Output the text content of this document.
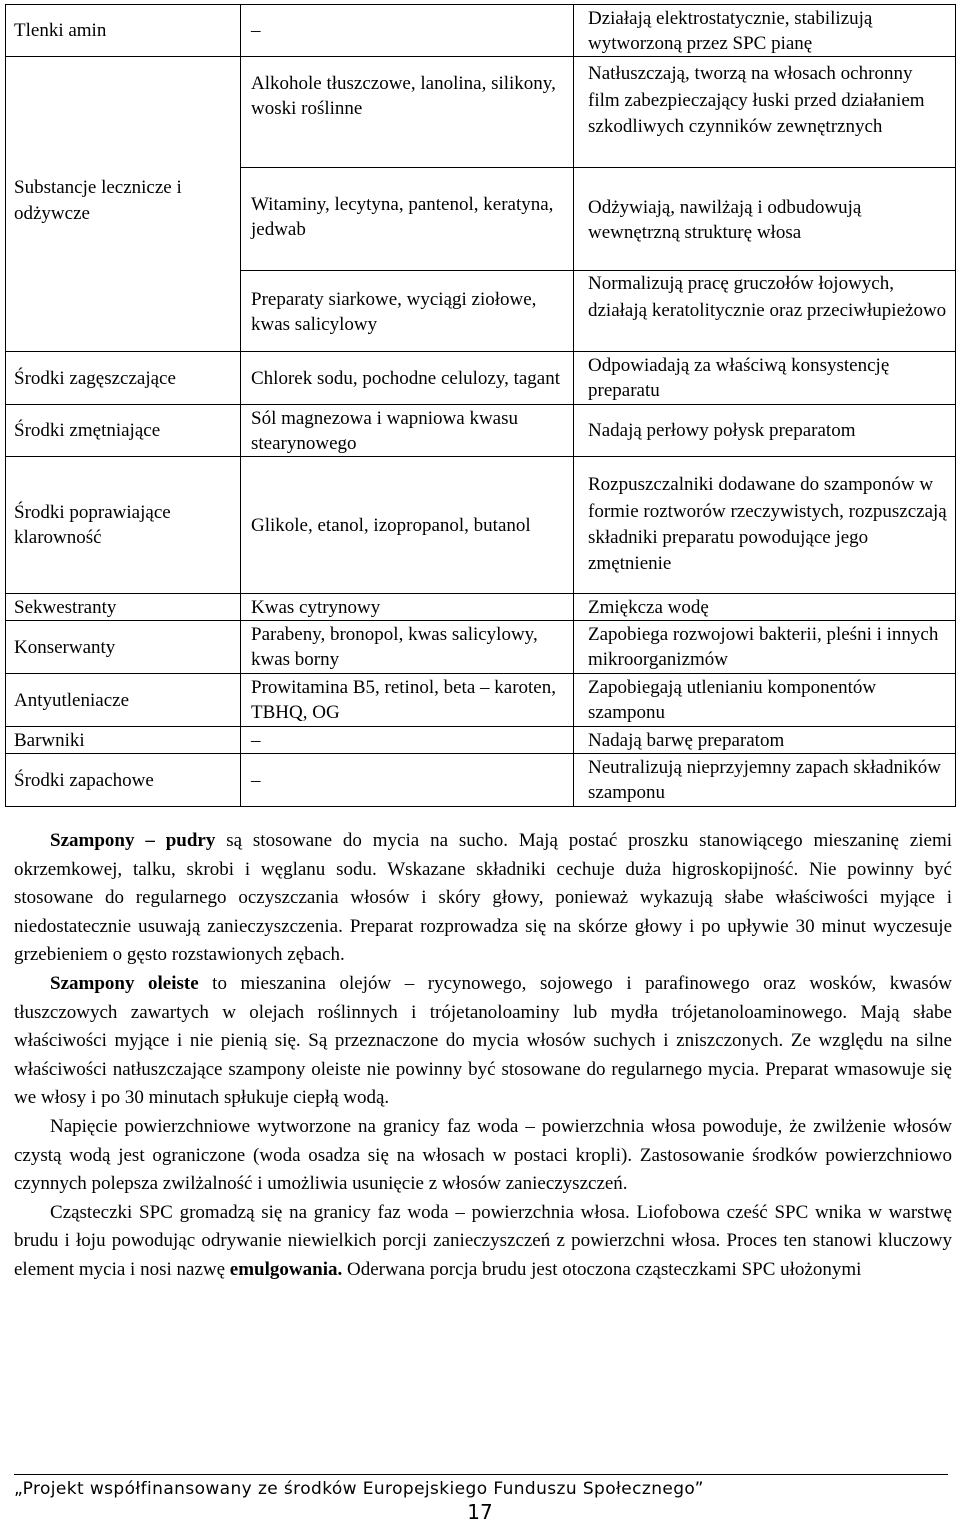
Tlenki amin	–	Działają elektrostatycznie, stabilizują wytworzoną przez SPC pianę

Substancje lecznicze i odżywcze	Alkohole tłuszczowe, lanolina, silikony, woski roślinne	Natłuszczają, tworzą na włosach ochronny film zabezpieczający łuski przed działaniem szkodliwych czynników zewnętrznych
	Witaminy, lecytyna, pantenol, keratyna, jedwab	Odżywiają, nawilżają i odbudowują wewnętrzną strukturę włosa
	Preparaty siarkowe, wyciągi ziołowe, kwas salicylowy	Normalizują pracę gruczołów łojowych, działają keratolitycznie oraz przeciwłupieżowo
Środki zagęszczające	Chlorek sodu, pochodne celulozy, tagant	Odpowiadają za właściwą konsystencję preparatu
Środki zmętniające	Sól magnezowa i wapniowa kwasu stearynowego	Nadają perłowy połysk preparatom
Środki poprawiające klarowność	Glikole, etanol, izopropanol, butanol	Rozpuszczalniki dodawane do szamponów w formie roztworów rzeczywistych, rozpuszczają składniki preparatu powodujące jego zmętnienie
Sekwestranty	Kwas cytrynowy	Zmiękcza wodę
Konserwanty	Parabeny, bronopol, kwas salicylowy, kwas borny	Zapobiega rozwojowi bakterii, pleśni i innych mikroorganizmów
Antyutleniacze	Prowitamina B5, retinol, beta – karoten, TBHQ, OG	Zapobiegają utlenianiu komponentów szamponu
Barwniki	–	Nadają barwę preparatom
Środki zapachowe	–	Neutralizują nieprzyjemny zapach składników szamponu

Szampony – pudry są stosowane do mycia na sucho. Mają postać proszku stanowiącego mieszaninę ziemi okrzemkowej, talku, skrobi i węglanu sodu. Wskazane składniki cechuje duża higroskopijność. Nie powinny być stosowane do regularnego oczyszczania włosów i skóry głowy, ponieważ wykazują słabe właściwości myjące i niedostatecznie usuwają zanieczyszczenia. Preparat rozprowadza się na skórze głowy i po upływie 30 minut wyczesuje grzebieniem o gęsto rozstawionych zębach.

Szampony oleiste to mieszanina olejów – rycynowego, sojowego i parafinowego oraz wosków, kwasów tłuszczowych zawartych w olejach roślinnych i trójetanoloaminy lub mydła trójetanoloaminowego. Mają słabe właściwości myjące i nie pienią się. Są przeznaczone do mycia włosów suchych i zniszczonych. Ze względu na silne właściwości natłuszczające szampony oleiste nie powinny być stosowane do regularnego mycia. Preparat wmasowuje się we włosy i po 30 minutach spłukuje ciepłą wodą.

Napięcie powierzchniowe wytworzone na granicy faz woda – powierzchnia włosa powoduje, że zwilżenie włosów czystą wodą jest ograniczone (woda osadza się na włosach w postaci kropli). Zastosowanie środków powierzchniowo czynnych polepsza zwilżalność i umożliwia usunięcie z włosów zanieczyszczeń.

Cząsteczki SPC gromadzą się na granicy faz woda – powierzchnia włosa. Liofobowa cześć SPC wnika w warstwę brudu i łoju powodując odrywanie niewielkich porcji zanieczyszczeń z powierzchni włosa. Proces ten stanowi kluczowy element mycia i nosi nazwę emulgowania. Oderwana porcja brudu jest otoczona cząsteczkami SPC ułożonymi

„Projekt współfinansowany ze środków Europejskiego Funduszu Społecznego”
17
